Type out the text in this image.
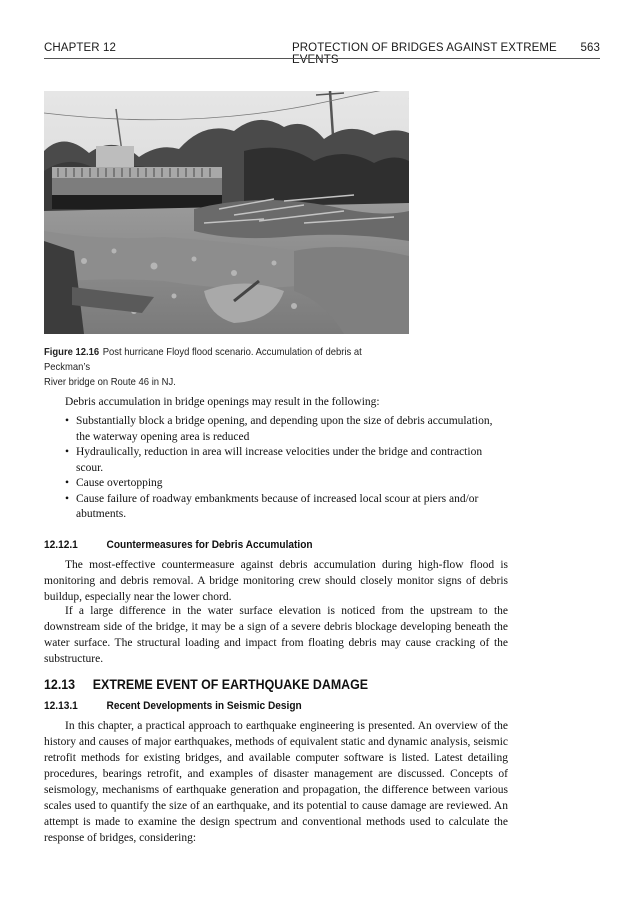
CHAPTER 12	PROTECTION OF BRIDGES AGAINST EXTREME EVENTS
563
Figure 12.16 Post hurricane Floyd flood scenario. Accumulation of debris at Peckman’s
River bridge on Route 46 in NJ.

Debris accumulation in bridge openings may result in the following:

• Substantially block a bridge opening, and depending upon the size of debris accumulation,
the waterway opening area is reduced
• Hydraulically, reduction in area will increase velocities under the bridge and contraction
scour.
• Cause overtopping
• Cause failure of roadway embankments because of increased local scour at piers and/or
abutments.
12.12.1	Countermeasures for Debris Accumulation

The most-effective countermeasure against debris accumulation during high-flow flood is monitoring and debris removal. A bridge monitoring crew should closely monitor signs of debris buildup, especially near the lower chord.

If a large difference in the water surface elevation is noticed from the upstream to the downstream side of the bridge, it may be a sign of a severe debris blockage developing beneath the water surface. The structural loading and impact from floating debris may cause cracking of the substructure.

12.13 EXTREME EVENT OF EARTHQUAKE DAMAGE
12.13.1	Recent Developments in Seismic Design

In this chapter, a practical approach to earthquake engineering is presented. An overview of the history and causes of major earthquakes, methods of equivalent static and dynamic analysis, seismic retrofit methods for existing bridges, and available computer software is listed. Latest detailing procedures, bearings retrofit, and examples of disaster management are discussed. Concepts of seismology, mechanisms of earthquake generation and propagation, the difference between various scales used to quantify the size of an earthquake, and its potential to cause damage are reviewed. An attempt is made to examine the design spectrum and conventional methods used to calculate the response of bridges, considering:
